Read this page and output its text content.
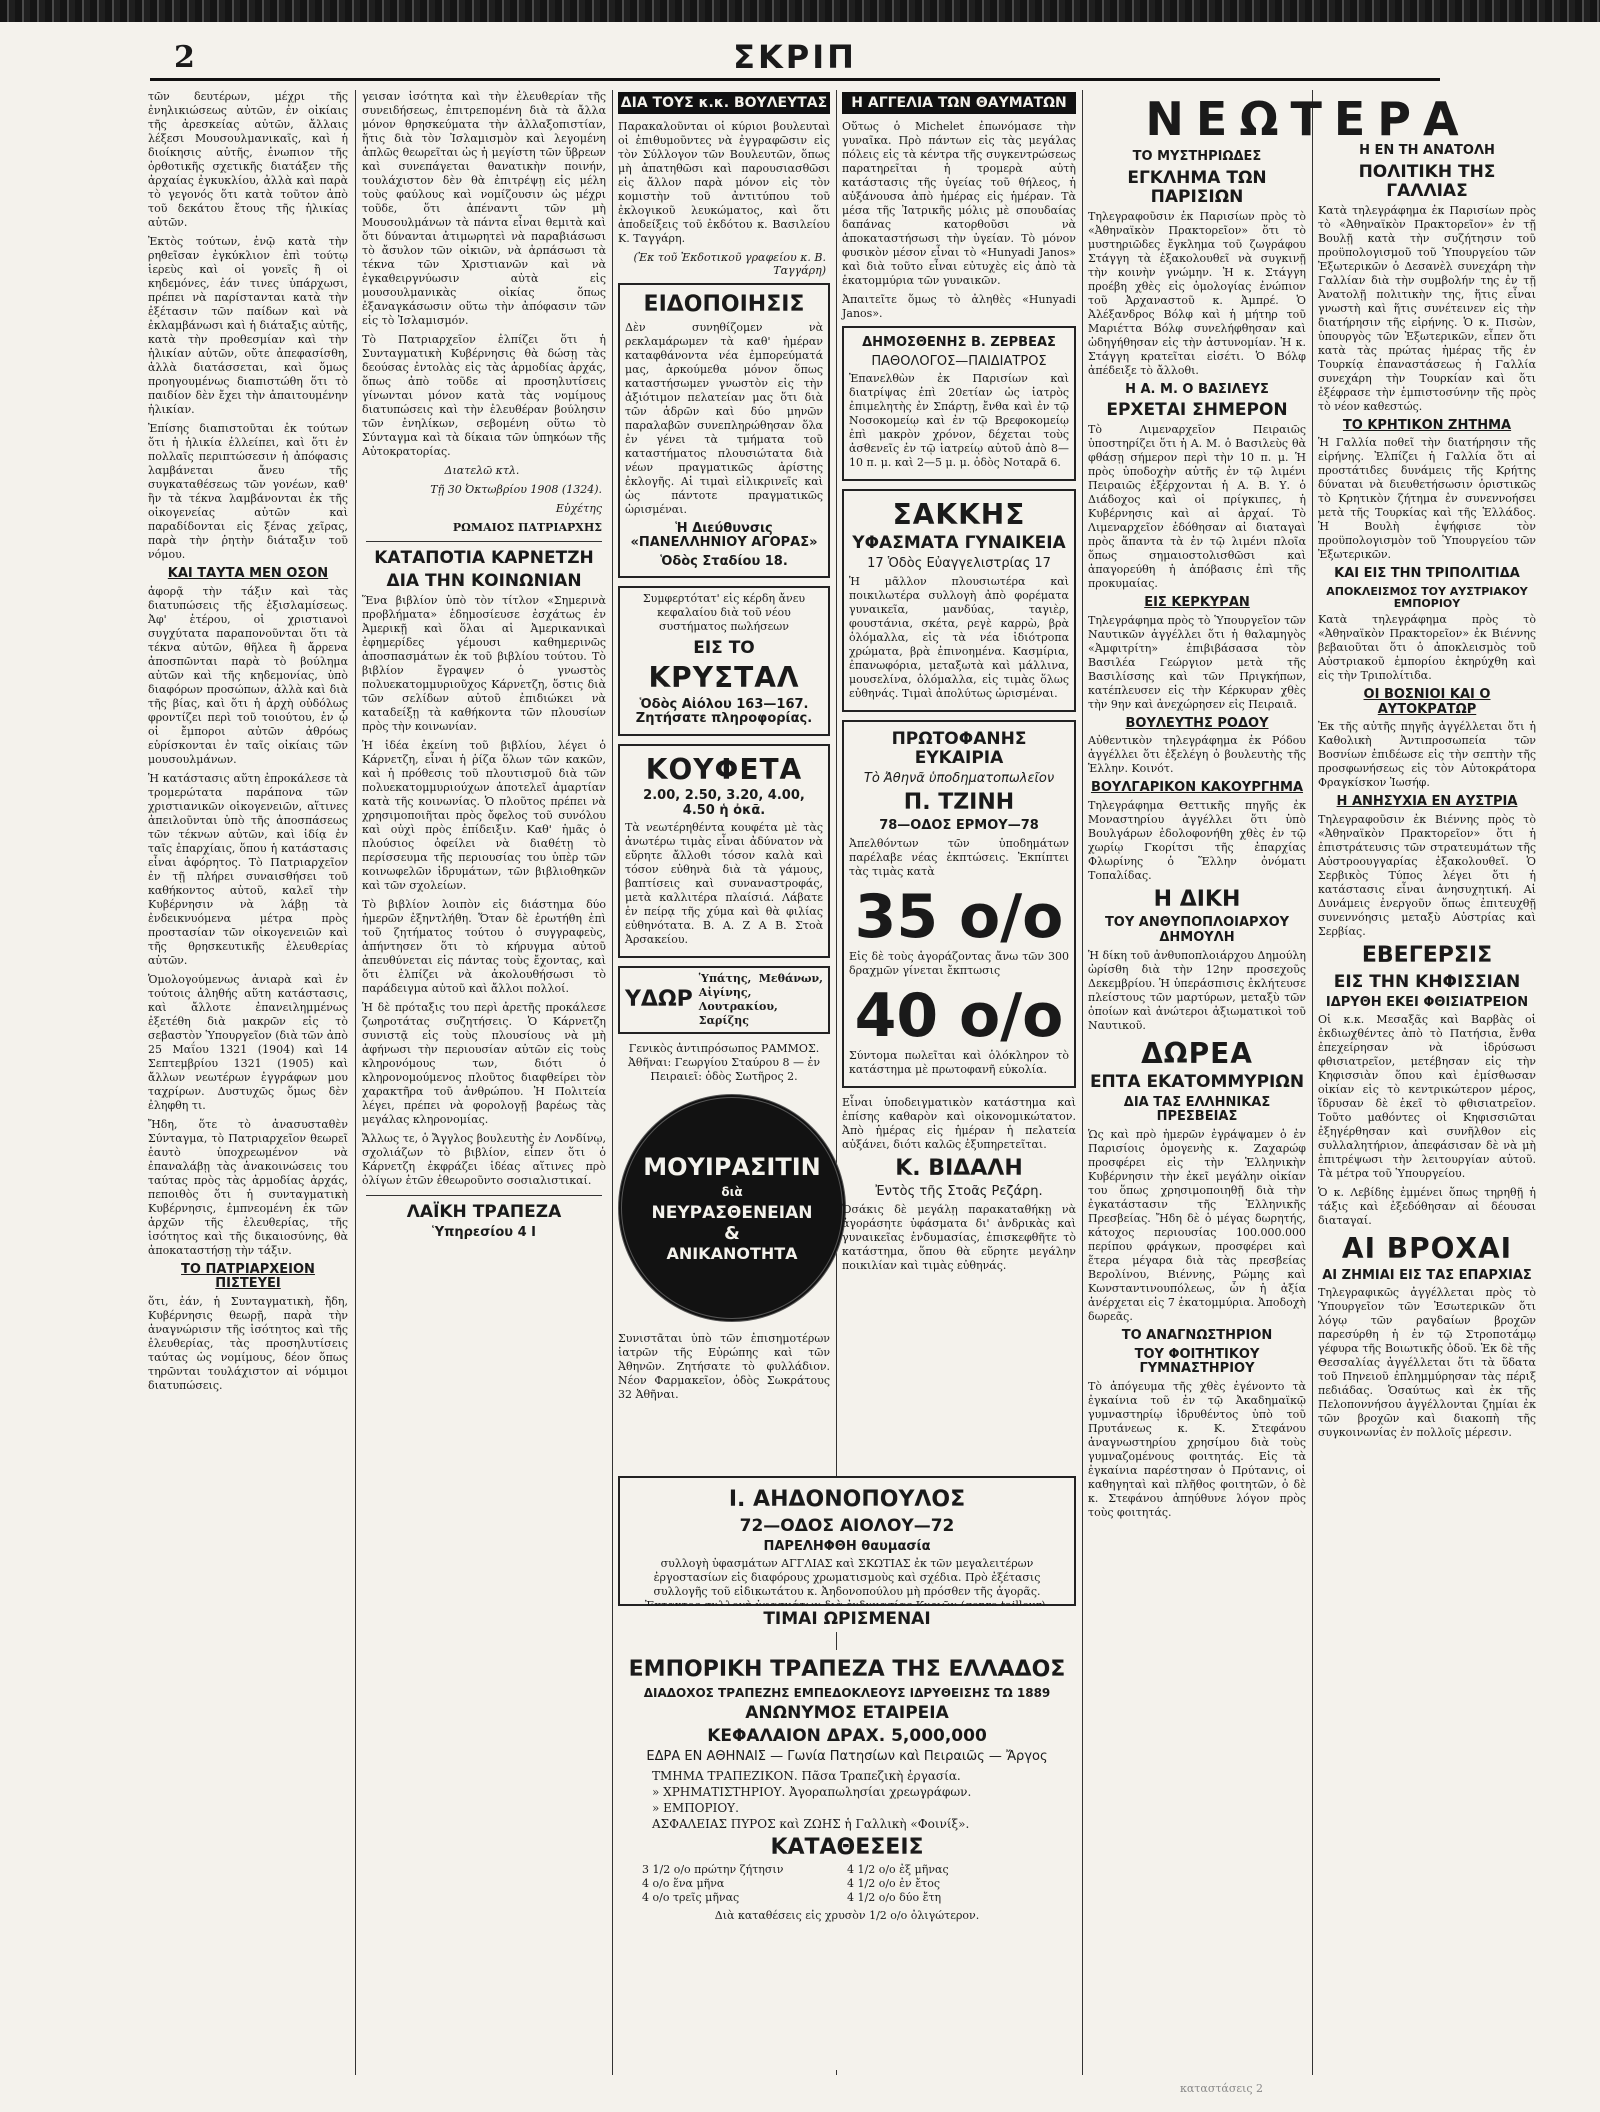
2	ΣΚΡΙΠ

τῶν δευτέρων, μέχρι τῆς ἐνηλικιώσεως αὐτῶν, ἐν οἰκίαις τῆς ἀρεσκείας αὐτῶν, ἄλλαις λέξεσι Μουσουλμανικαῖς, καὶ ἡ διοίκησις αὐτῆς, ἐνωπιον τῆς ὀρθοτικῆς σχετικῆς διατάξεν τῆς ἀρχαίας ἐγκυκλίου, ἀλλὰ καὶ παρὰ τὸ γεγονός ὅτι κατὰ τοῦτον ἀπὸ τοῦ δεκάτου ἔτους τῆς ἡλικίας αὐτῶν.

Ἐκτὸς τούτων, ἐνῷ κατὰ τὴν ρηθεῖσαν ἐγκύκλιον ἐπὶ τούτῳ ἱερεὺς καὶ οἱ γονεῖς ἢ οἱ κηδεμόνες, ἐάν τινες ὑπάρχωσι, πρέπει νὰ παρίστανται κατὰ τὴν ἐξέτασιν τῶν παίδων καὶ νὰ ἐκλαμβάνωσι καὶ ἡ διάταξις αὐτῆς, κατὰ τὴν προθεσμίαν καὶ τὴν ἡλικίαν αὐτῶν, οὔτε ἀπεφασίσθη, ἀλλὰ διατάσσεται, καὶ ὅμως προηγουμένως διαπιστώθη ὅτι τὸ παιδίον δὲν ἔχει τὴν ἀπαιτουμένην ἡλικίαν.

Ἐπίσης διαπιστοῦται ἐκ τούτων ὅτι ἡ ἡλικία ἐλλείπει, καὶ ὅτι ἐν πολλαῖς περιπτώσεσιν ἡ ἀπόφασις λαμβάνεται ἄνευ τῆς συγκαταθέσεως τῶν γονέων, καθ' ἣν τὰ τέκνα λαμβάνονται ἐκ τῆς οἰκογενείας αὐτῶν καὶ παραδίδονται εἰς ξένας χεῖρας, παρὰ τὴν ῥητὴν διάταξιν τοῦ νόμου.

ΚΑΙ ΤΑΥΤΑ ΜΕΝ ΟΣΟΝ

ἀφορᾷ τὴν τάξιν καὶ τὰς διατυπώσεις τῆς ἐξισλαμίσεως. Ἀφ' ἑτέρου, οἱ χριστιανοὶ συγχύτατα παραπονοῦνται ὅτι τὰ τέκνα αὐτῶν, θῆλεα ἢ ἄρρενα ἀποσπῶνται παρὰ τὸ βούλημα αὐτῶν καὶ τῆς κηδεμονίας, ὑπὸ διαφόρων προσώπων, ἀλλὰ καὶ διὰ τῆς βίας, καὶ ὅτι ἡ ἀρχὴ οὐδόλως φροντίζει περὶ τοῦ τοιούτου, ἐν ᾧ οἱ ἔμποροι αὐτῶν ἀθρόως εὑρίσκονται ἐν ταῖς οἰκίαις τῶν μουσουλμάνων.

Ἡ κατάστασις αὕτη ἐπροκάλεσε τὰ τρομερώτατα παράπονα τῶν χριστιανικῶν οἰκογενειῶν, αἵτινες ἀπειλοῦνται ὑπὸ τῆς ἀποσπάσεως τῶν τέκνων αὐτῶν, καὶ ἰδίᾳ ἐν ταῖς ἐπαρχίαις, ὅπου ἡ κατάστασις εἶναι ἀφόρητος. Τὸ Πατριαρχεῖον ἐν τῇ πλήρει συναισθήσει τοῦ καθήκοντος αὐτοῦ, καλεῖ τὴν Κυβέρνησιν νὰ λάβῃ τὰ ἐνδεικνυόμενα μέτρα πρὸς προστασίαν τῶν οἰκογενειῶν καὶ τῆς θρησκευτικῆς ἐλευθερίας αὐτῶν.

Ὁμολογούμενως ἀνιαρὰ καὶ ἐν τούτοις ἀληθής αὕτη κατάστασις, καὶ ἄλλοτε ἐπανειλημμένως ἐξετέθη διὰ μακρῶν εἰς τὸ σεβαστὸν Ὑπουργεῖον (διὰ τῶν ἀπὸ 25 Μαΐου 1321 (1904) καὶ 14 Σεπτεμβρίου 1321 (1905) καὶ ἄλλων νεωτέρων ἐγγράφων μου ταχρίρων. Δυστυχῶς ὅμως δὲν ἐληφθη τι.

Ἤδη, ὅτε τὸ ἀνασυσταθὲν Σύνταγμα, τὸ Πατριαρχεῖον θεωρεῖ ἑαυτὸ ὑποχρεωμένον νὰ ἐπαναλάβῃ τὰς ἀνακοινώσεις του ταύτας πρὸς τὰς ἀρμοδίας ἀρχάς, πεποιθὸς ὅτι ἡ συνταγματικὴ Κυβέρνησις, ἐμπνεομένη ἐκ τῶν ἀρχῶν τῆς ἐλευθερίας, τῆς ἰσότητος καὶ τῆς δικαιοσύνης, θὰ ἀποκαταστήσῃ τὴν τάξιν.

ΤΟ ΠΑΤΡΙΑΡΧΕΙΟΝ ΠΙΣΤΕΥΕΙ

ὅτι, ἐάν, ἡ Συνταγματικὴ, ἤδη, Κυβέρνησις θεωρῇ, παρὰ τὴν ἀναγνώρισιν τῆς ἰσότητος καὶ τῆς ἐλευθερίας, τὰς προσηλυτίσεις ταύτας ὡς νομίμους, δέον ὅπως τηρῶνται τουλάχιστον αἱ νόμιμοι διατυπώσεις.

γεισαν ἰσότητα καὶ τὴν ἐλευθερίαν τῆς συνειδήσεως, ἐπιτρεπομένη διὰ τὰ ἄλλα μόνον θρησκεύματα τὴν ἀλλαξοπιστίαν, ἥτις διὰ τὸν Ἰσλαμισμὸν καὶ λεγομένη ἁπλῶς θεωρεῖται ὡς ἡ μεγίστη τῶν ὕβρεων καὶ συνεπάγεται θανατικὴν ποινήν, τουλάχιστον δὲν θὰ ἐπιτρέψῃ εἰς μέλη τοὺς φαύλους καὶ νομίζουσιν ὡς μέχρι τοῦδε, ὅτι ἀπέναντι τῶν μὴ Μουσουλμάνων τὰ πάντα εἶναι θεμιτὰ καὶ ὅτι δύνανται ἀτιμωρητεὶ νὰ παραβιάσωσι τὸ ἄσυλον τῶν οἰκιῶν, νὰ ἁρπάσωσι τὰ τέκνα τῶν Χριστιανῶν καὶ νὰ ἐγκαθειργνύωσιν αὐτὰ εἰς μουσουλμανικὰς οἰκίας ὅπως ἐξαναγκάσωσιν οὕτω τὴν ἀπόφασιν τῶν εἰς τὸ Ἰσλαμισμόν.

Τὸ Πατριαρχεῖον ἐλπίζει ὅτι ἡ Συνταγματικὴ Κυβέρνησις θὰ δώσῃ τὰς δεούσας ἐντολὰς εἰς τὰς ἀρμοδίας ἀρχάς, ὅπως ἀπὸ τοῦδε αἱ προσηλυτίσεις γίνωνται μόνον κατὰ τὰς νομίμους διατυπώσεις καὶ τὴν ἐλευθέραν βούλησιν τῶν ἐνηλίκων, σεβομένη οὕτω τὸ Σύνταγμα καὶ τὰ δίκαια τῶν ὑπηκόων τῆς Αὐτοκρατορίας.

Διατελῶ κτλ.
Τῇ 30 Ὀκτωβρίου 1908 (1324).
Εὐχέτης
ΡΩΜΑΙΟΣ ΠΑΤΡΙΑΡΧΗΣ
ΚΑΤΑΠΟΤΙΑ ΚΑΡΝΕΤΖΗ
ΔΙΑ ΤΗΝ ΚΟΙΝΩΝΙΑΝ

Ἕνα βιβλίον ὑπὸ τὸν τίτλον «Σημερινὰ προβλήματα» ἐδημοσίευσε ἐσχάτως ἐν Ἀμερικῇ καὶ ὅλαι αἱ Ἀμερικανικαὶ ἐφημερίδες γέμουσι καθημερινῶς ἀποσπασμάτων ἐκ τοῦ βιβλίου τούτου. Τὸ βιβλίον ἔγραψεν ὁ γνωστὸς πολυεκατομμυριοῦχος Κάρνετζη, ὅστις διὰ τῶν σελίδων αὐτοῦ ἐπιδιώκει νὰ καταδείξῃ τὰ καθήκοντα τῶν πλουσίων πρὸς τὴν κοινωνίαν.

Ἡ ἰδέα ἐκείνη τοῦ βιβλίου, λέγει ὁ Κάρνετζη, εἶναι ἡ ῥίζα ὅλων τῶν κακῶν, καὶ ἡ πρόθεσις τοῦ πλουτισμοῦ διὰ τῶν πολυεκατομμυριούχων ἀποτελεῖ ἁμαρτίαν κατὰ τῆς κοινωνίας. Ὁ πλοῦτος πρέπει νὰ χρησιμοποιῆται πρὸς ὄφελος τοῦ συνόλου καὶ οὐχὶ πρὸς ἐπίδειξιν. Καθ' ἡμᾶς ὁ πλούσιος ὀφείλει νὰ διαθέτῃ τὸ περίσσευμα τῆς περιουσίας του ὑπὲρ τῶν κοινωφελῶν ἱδρυμάτων, τῶν βιβλιοθηκῶν καὶ τῶν σχολείων.

Τὸ βιβλίον λοιπὸν εἰς διάστημα δύο ἡμερῶν ἐξηντλήθη. Ὅταν δὲ ἐρωτήθη ἐπὶ τοῦ ζητήματος τούτου ὁ συγγραφεὺς, ἀπήντησεν ὅτι τὸ κήρυγμα αὐτοῦ ἀπευθύνεται εἰς πάντας τοὺς ἔχοντας, καὶ ὅτι ἐλπίζει νὰ ἀκολουθήσωσι τὸ παράδειγμα αὐτοῦ καὶ ἄλλοι πολλοί.

Ἡ δὲ πρόταξις του περὶ ἀρετῆς προκάλεσε ζωηροτάτας συζητήσεις. Ὁ Κάρνετζη συνιστᾷ εἰς τοὺς πλουσίους νὰ μὴ ἀφήνωσι τὴν περιουσίαν αὐτῶν εἰς τοὺς κληρονόμους των, διότι ὁ κληρονομούμενος πλοῦτος διαφθείρει τὸν χαρακτῆρα τοῦ ἀνθρώπου. Ἡ Πολιτεία λέγει, πρέπει νὰ φορολογῇ βαρέως τὰς μεγάλας κληρονομίας.

Ἄλλως τε, ὁ Ἄγγλος βουλευτὴς ἐν Λονδίνῳ, σχολιάζων τὸ βιβλίον, εἶπεν ὅτι ὁ Κάρνετζη ἐκφράζει ἰδέας αἵτινες πρὸ ὀλίγων ἐτῶν ἐθεωροῦντο σοσιαλιστικαί.

ΛΑΪΚΗ ΤΡΑΠΕΖΑ
Ὑπηρεσίου 4 Ι
ΔΙΑ ΤΟΥΣ κ.κ. ΒΟΥΛΕΥΤΑΣ

Παρακαλοῦνται οἱ κύριοι βουλευταὶ οἱ ἐπιθυμοῦντες νὰ ἐγγραφῶσιν εἰς τὸν Σύλλογον τῶν Βουλευτῶν, ὅπως μὴ ἀπατηθῶσι καὶ παρουσιασθῶσι εἰς ἄλλον παρὰ μόνον εἰς τὸν κομιστὴν τοῦ ἀντιτύπου τοῦ ἐκλογικοῦ λευκώματος, καὶ ὅτι ἀποδείξεις τοῦ ἐκδότου κ. Βασιλείου Κ. Ταγγάρη.

(Ἐκ τοῦ Ἐκδοτικοῦ γραφείου κ. Β. Ταγγάρη)
ΕΙΔΟΠΟΙΗΣΙΣ

Δὲν συνηθίζομεν νὰ ρεκλαμάρωμεν τὰ καθ' ἡμέραν καταφθάνοντα νέα ἐμπορεύματά μας, ἀρκούμεθα μόνον ὅπως καταστήσωμεν γνωστὸν εἰς τὴν ἀξιότιμον πελατείαν μας ὅτι διὰ τῶν ἁδρῶν καὶ δύο μηνῶν παραλαβῶν συνεπληρώθησαν ὅλα ἐν γένει τὰ τμήματα τοῦ καταστήματος πλουσιώτατα διὰ νέων πραγματικῶς ἀρίστης ἐκλογῆς. Αἱ τιμαὶ εἰλικρινεῖς καὶ ὡς πάντοτε πραγματικῶς ὡρισμέναι.

Ἡ Διεύθυνσις «ΠΑΝΕΛΛΗΝΙΟΥ ΑΓΟΡΑΣ»
Ὁδὸς Σταδίου 18.

Συμφερτότατ' εἰς κέρδη ἄνευ κεφαλαίου διὰ τοῦ νέου συστήματος πωλήσεων

ΕΙΣ ΤΟ
ΚΡΥΣΤΑΛ
Ὁδὸς Αἰόλου 163—167. Ζητήσατε πληροφορίας.
ΚΟΥΦΕΤΑ
2.00, 2.50, 3.20, 4.00, 4.50 ἡ ὀκᾶ.

Τὰ νεωτέρηθέντα κουφέτα μὲ τὰς ἀνωτέρω τιμὰς εἶναι ἀδύνατον νὰ εὕρητε ἄλλοθι τόσον καλὰ καὶ τόσον εὐθηνὰ διὰ τὰ γάμους, βαπτίσεις καὶ συναναστροφάς, μετὰ καλλιτέρα πλαίσιά. Λάβατε ἐν πείρᾳ τῆς χύμα καὶ θὰ φιλίας εὐθηνότατα. Β. Α. Ζ Α Β. Στοὰ Ἀρσακείου.

ΥΔΩΡ
Ὑπάτης, Μεθάνων, Αἰγίνης, Λουτρακίου, Σαρίζης

Γενικὸς ἀντιπρόσωπος ΡΑΜΜΟΣ. Ἀθῆναι: Γεωργίου Σταύρου 8 — ἐν Πειραιεῖ: ὁδὸς Σωτῆρος 2.

ΜΟΥΙΡΑΣΙΤΙΝ
διὰ
ΝΕΥΡΑΣΘΕΝΕΙΑΝ
&
ΑΝΙΚΑΝΟΤΗΤΑ

Συνιστᾶται ὑπὸ τῶν ἐπισημοτέρων ἰατρῶν τῆς Εὐρώπης καὶ τῶν Ἀθηνῶν. Ζητήσατε τὸ φυλλάδιον. Νέον Φαρμακεῖον, ὁδὸς Σωκράτους 32 Ἀθῆναι.

Η ΑΓΓΕΛΙΑ ΤΩΝ ΘΑΥΜΑΤΩΝ

Οὕτως ὁ Michelet ἐπωνόμασε τὴν γυναῖκα. Πρὸ πάντων εἰς τὰς μεγάλας πόλεις εἰς τὰ κέντρα τῆς συγκεντρώσεως παρατηρεῖται ἡ τρομερὰ αὐτὴ κατάστασις τῆς ὑγείας τοῦ θήλεος, ἡ αὐξάνουσα ἀπὸ ἡμέρας εἰς ἡμέραν. Τὰ μέσα τῆς Ἰατρικῆς μόλις μὲ σπουδαίας δαπάνας κατορθοῦσι νὰ ἀποκαταστήσωσι τὴν ὑγείαν. Τὸ μόνον φυσικὸν μέσον εἶναι τὸ «Hunyadi Janos» καὶ διὰ τοῦτο εἶναι εὐτυχὲς εἰς ἀπὸ τὰ ἑκατομμύρια τῶν γυναικῶν.

Ἀπαιτεῖτε ὅμως τὸ ἀληθὲς «Hunyadi Janos».

ΔΗΜΟΣΘΕΝΗΣ Β. ΖΕΡΒΕΑΣ
ΠΑΘΟΛΟΓΟΣ—ΠΑΙΔΙΑΤΡΟΣ

Ἐπανελθὼν ἐκ Παρισίων καὶ διατρίψας ἐπὶ 20ετίαν ὡς ἰατρὸς ἐπιμελητὴς ἐν Σπάρτῃ, ἔνθα καὶ ἐν τῷ Νοσοκομείῳ καὶ ἐν τῷ Βρεφοκομείῳ ἐπὶ μακρὸν χρόνον, δέχεται τοὺς ἀσθενεῖς ἐν τῷ ἰατρείῳ αὐτοῦ ἀπὸ 8—10 π. μ. καὶ 2—5 μ. μ. ὁδὸς Νοταρᾶ 6.

ΣΑΚΚΗΣ
ΥΦΑΣΜΑΤΑ ΓΥΝΑΙΚΕΙΑ
17 Ὁδὸς Εὐαγγελιστρίας 17

Ἡ μᾶλλον πλουσιωτέρα καὶ ποικιλωτέρα συλλογὴ ἀπὸ φορέματα γυναικεῖα, μανδύας, ταγιὲρ, φουστάνια, σκέτα, ρεγὲ καρρὼ, βρὰ ὁλόμαλλα, εἰς τὰ νέα ἰδιότροπα χρώματα, βρὰ ἐπινοημένα. Κασμίρια, ἐπανωφόρια, μεταξωτὰ καὶ μάλλινα, μουσελίνα, ὁλόμαλλα, εἰς τιμὰς ὅλως εὐθηνάς. Τιμαὶ ἀπολύτως ὡρισμέναι.

ΠΡΩΤΟΦΑΝΗΣ ΕΥΚΑΙΡΙΑ
Τὸ Ἀθηνᾶ ὑποδηματοπωλεῖον
Π. ΤΖΙΝΗ
78—ΟΔΟΣ ΕΡΜΟΥ—78

Ἀπελθόντων τῶν ὑποδημάτων παρέλαβε νέας ἐκπτώσεις. Ἐκπίπτει τὰς τιμὰς κατὰ

35 ο/ο

Εἰς δὲ τοὺς ἀγοράζοντας ἄνω τῶν 300 δραχμῶν γίνεται ἔκπτωσις

40 ο/ο

Σύντομα πωλεῖται καὶ ὁλόκληρον τὸ κατάστημα μὲ πρωτοφανῆ εὐκολία.

Εἶναι ὑποδειγματικὸν κατάστημα καὶ ἐπίσης καθαρὸν καὶ οἰκονομικώτατον. Ἀπὸ ἡμέρας εἰς ἡμέραν ἡ πελατεία αὐξάνει, διότι καλῶς ἐξυπηρετεῖται.

Κ. ΒΙΔΑΛΗ
Ἐντὸς τῆς Στοᾶς Ρεζάρη.

Ὁσάκις δὲ μεγάλῃ παρακαταθήκῃ νὰ ἀγοράσητε ὑφάσματα δι' ἀνδρικὰς καὶ γυναικεῖας ἐνδυμασίας, ἐπισκεφθῆτε τὸ κατάστημα, ὅπου θὰ εὕρητε μεγάλην ποικιλίαν καὶ τιμὰς εὐθηνάς.

ΝΕΩΤΕΡΑ
ΤΟ ΜΥΣΤΗΡΙΩΔΕΣ
ΕΓΚΛΗΜΑ ΤΩΝ ΠΑΡΙΣΙΩΝ

Τηλεγραφοῦσιν ἐκ Παρισίων πρὸς τὸ «Ἀθηναϊκὸν Πρακτορεῖον» ὅτι τὸ μυστηριῶδες ἔγκλημα τοῦ ζωγράφου Στάγγη τὰ ἐξακολουθεῖ νὰ συγκινῇ τὴν κοινὴν γνώμην. Ἡ κ. Στάγγη προέβη χθὲς εἰς ὁμολογίας ἐνώπιον τοῦ Ἀρχαναστοῦ κ. Ἀμπρέ. Ὁ Ἀλέξανδρος Βόλφ καὶ ἡ μήτηρ τοῦ Μαριέττα Βόλφ συνελήφθησαν καὶ ὡδηγήθησαν εἰς τὴν ἀστυνομίαν. Ἡ κ. Στάγγη κρατεῖται εἰσέτι. Ὁ Βόλφ ἀπέδειξε τὸ ἄλλοθι.

Η Α. Μ. Ο ΒΑΣΙΛΕΥΣ
ΕΡΧΕΤΑΙ ΣΗΜΕΡΟΝ

Τὸ Λιμεναρχεῖον Πειραιῶς ὑποστηρίζει ὅτι ἡ Α. Μ. ὁ Βασιλεὺς θὰ φθάσῃ σήμερον περὶ τὴν 10 π. μ. Ἡ πρὸς ὑποδοχὴν αὐτῆς ἐν τῷ λιμένι Πειραιῶς ἐξέρχονται ἡ Α. Β. Υ. ὁ Διάδοχος καὶ οἱ πρίγκιπες, ἡ Κυβέρνησις καὶ αἱ ἀρχαί. Τὸ Λιμεναρχεῖον ἐδόθησαν αἱ διαταγαὶ πρὸς ἅπαντα τὰ ἐν τῷ λιμένι πλοῖα ὅπως σημαιοστολισθῶσι καὶ ἀπαγορεύθη ἡ ἀπόβασις ἐπὶ τῆς προκυμαίας.

ΕΙΣ ΚΕΡΚΥΡΑΝ

Τηλεγράφημα πρὸς τὸ Ὑπουργεῖον τῶν Ναυτικῶν ἀγγέλλει ὅτι ἡ θαλαμηγὸς «Ἀμφιτρίτη» ἐπιβιβάσασα τὸν Βασιλέα Γεώργιον μετὰ τῆς Βασιλίσσης καὶ τῶν Πριγκήπων, κατέπλευσεν εἰς τὴν Κέρκυραν χθὲς τὴν 9ην καὶ ἀνεχώρησεν εἰς Πειραιᾶ.

ΒΟΥΛΕΥΤΗΣ ΡΟΔΟΥ

Αὐθεντικὸν τηλεγράφημα ἐκ Ρόδου ἀγγέλλει ὅτι ἐξελέγη ὁ βουλευτὴς τῆς Ἑλλην. Κοινότ.

ΒΟΥΛΓΑΡΙΚΟΝ ΚΑΚΟΥΡΓΗΜΑ

Τηλεγράφημα Θεττικῆς πηγῆς ἐκ Μοναστηρίου ἀγγέλλει ὅτι ὑπὸ Βουλγάρων ἐδολοφονήθη χθὲς ἐν τῷ χωρίῳ Γκορίτσι τῆς ἐπαρχίας Φλωρίνης ὁ Ἕλλην ὀνόματι Τοπαλίδας.

Η ΔΙΚΗ
ΤΟΥ ΑΝΘΥΠΟΠΛΟΙΑΡΧΟΥ ΔΗΜΟΥΛΗ

Ἡ δίκη τοῦ ἀνθυποπλοιάρχου Δημούλη ὡρίσθη διὰ τὴν 12ην προσεχοῦς Δεκεμβρίου. Ἡ ὑπεράσπισις ἐκλήτευσε πλείστους τῶν μαρτύρων, μεταξὺ τῶν ὁποίων καὶ ἀνώτεροι ἀξιωματικοὶ τοῦ Ναυτικοῦ.

ΔΩΡΕΑ
ΕΠΤΑ ΕΚΑΤΟΜΜΥΡΙΩΝ
ΔΙΑ ΤΑΣ ΕΛΛΗΝΙΚΑΣ ΠΡΕΣΒΕΙΑΣ

Ὡς καὶ πρὸ ἡμερῶν ἐγράψαμεν ὁ ἐν Παρισίοις ὁμογενὴς κ. Ζαχαρώφ προσφέρει εἰς τὴν Ἑλληνικὴν Κυβέρνησιν τὴν ἐκεῖ μεγάλην οἰκίαν του ὅπως χρησιμοποιηθῇ διὰ τὴν ἐγκατάστασιν τῆς Ἑλληνικῆς Πρεσβείας. Ἤδη δὲ ὁ μέγας δωρητής, κάτοχος περιουσίας 100.000.000 περίπου φράγκων, προσφέρει καὶ ἕτερα μέγαρα διὰ τὰς πρεσβείας Βερολίνου, Βιέννης, Ρώμης καὶ Κωνσταντινουπόλεως, ὧν ἡ ἀξία ἀνέρχεται εἰς 7 ἑκατομμύρια. Ἀποδοχὴ δωρεᾶς.

ΤΟ ΑΝΑΓΝΩΣΤΗΡΙΟΝ
ΤΟΥ ΦΟΙΤΗΤΙΚΟΥ ΓΥΜΝΑΣΤΗΡΙΟΥ

Τὸ ἀπόγευμα τῆς χθὲς ἐγένοντο τὰ ἐγκαίνια τοῦ ἐν τῷ Ἀκαδημαϊκῷ γυμναστηρίῳ ἱδρυθέντος ὑπὸ τοῦ Πρυτάνεως κ. Κ. Στεφάνου ἀναγνωστηρίου χρησίμου διὰ τοὺς γυμναζομένους φοιτητάς. Εἰς τὰ ἐγκαίνια παρέστησαν ὁ Πρύτανις, οἱ καθηγηταὶ καὶ πλῆθος φοιτητῶν, ὁ δὲ κ. Στεφάνου ἀπηύθυνε λόγον πρὸς τοὺς φοιτητάς.

Η ΕΝ ΤΗ ΑΝΑΤΟΛΗ
ΠΟΛΙΤΙΚΗ ΤΗΣ ΓΑΛΛΙΑΣ

Κατὰ τηλεγράφημα ἐκ Παρισίων πρὸς τὸ «Ἀθηναϊκὸν Πρακτορεῖον» ἐν τῇ Βουλῇ κατὰ τὴν συζήτησιν τοῦ προϋπολογισμοῦ τοῦ Ὑπουργείου τῶν Ἐξωτερικῶν ὁ Δεσανὲλ συνεχάρη τὴν Γαλλίαν διὰ τὴν συμβολήν της ἐν τῇ Ἀνατολῇ πολιτικὴν της, ἥτις εἶναι γνωστὴ καὶ ἥτις συνέτεινεν εἰς τὴν διατήρησιν τῆς εἰρήνης. Ὁ κ. Πισὼν, ὑπουργὸς τῶν Ἐξωτερικῶν, εἶπεν ὅτι κατὰ τὰς πρώτας ἡμέρας τῆς ἐν Τουρκίᾳ ἐπαναστάσεως ἡ Γαλλία συνεχάρη τὴν Τουρκίαν καὶ ὅτι ἐξέφρασε τὴν ἐμπιστοσύνην τῆς πρὸς τὸ νέον καθεστώς.

ΤΟ ΚΡΗΤΙΚΟΝ ΖΗΤΗΜΑ

Ἡ Γαλλία ποθεῖ τὴν διατήρησιν τῆς εἰρήνης. Ἐλπίζει ἡ Γαλλία ὅτι αἱ προστάτιδες δυνάμεις τῆς Κρήτης δύναται νὰ διευθετήσωσιν ὁριστικῶς τὸ Κρητικὸν ζήτημα ἐν συνεννοήσει μετὰ τῆς Τουρκίας καὶ τῆς Ἑλλάδος. Ἡ Βουλὴ ἐψήφισε τὸν προϋπολογισμὸν τοῦ Ὑπουργείου τῶν Ἐξωτερικῶν.

ΚΑΙ ΕΙΣ ΤΗΝ ΤΡΙΠΟΛΙΤΙΔΑ
ΑΠΟΚΛΕΙΣΜΟΣ ΤΟΥ ΑΥΣΤΡΙΑΚΟΥ ΕΜΠΟΡΙΟΥ

Κατὰ τηλεγράφημα πρὸς τὸ «Ἀθηναϊκὸν Πρακτορεῖον» ἐκ Βιέννης βεβαιοῦται ὅτι ὁ ἀποκλεισμὸς τοῦ Αὐστριακοῦ ἐμπορίου ἐκηρύχθη καὶ εἰς τὴν Τριπολίτιδα.

ΟΙ ΒΟΣΝΙΟΙ ΚΑΙ Ο ΑΥΤΟΚΡΑΤΩΡ

Ἐκ τῆς αὐτῆς πηγῆς ἀγγέλλεται ὅτι ἡ Καθολικὴ Ἀντιπροσωπεία τῶν Βοσνίων ἐπιδέωσε εἰς τὴν σεπτὴν τῆς προσφωνήσεως εἰς τὸν Αὐτοκράτορα Φραγκίσκον Ἰωσήφ.

Η ΑΝΗΣΥΧΙΑ ΕΝ ΑΥΣΤΡΙΑ

Τηλεγραφοῦσιν ἐκ Βιέννης πρὸς τὸ «Ἀθηναϊκὸν Πρακτορεῖον» ὅτι ἡ ἐπιστράτευσις τῶν στρατευμάτων τῆς Αὐστροουγγαρίας ἐξακολουθεῖ. Ὁ Σερβικὸς Τύπος λέγει ὅτι ἡ κατάστασις εἶναι ἀνησυχητική. Αἱ Δυνάμεις ἐνεργοῦν ὅπως ἐπιτευχθῇ συνεννόησις μεταξὺ Αὐστρίας καὶ Σερβίας.

ΕΒΕΓΕΡΣΙΣ
ΕΙΣ ΤΗΝ ΚΗΦΙΣΣΙΑΝ
ΙΔΡΥΘΗ ΕΚΕΙ ΦΘΙΣΙΑΤΡΕΙΟΝ

Οἱ κ.κ. Μεσαξᾶς καὶ Βαρβὰς οἱ ἐκδιωχθέντες ἀπὸ τὸ Πατήσια, ἔνθα ἐπεχείρησαν νὰ ἱδρύσωσι φθισιατρεῖον, μετέβησαν εἰς τὴν Κηφισσιὰν ὅπου καὶ ἐμίσθωσαν οἰκίαν εἰς τὸ κεντρικώτερον μέρος, ἵδρυσαν δὲ ἐκεῖ τὸ φθισιατρεῖον. Τοῦτο μαθόντες οἱ Κηφισσιῶται ἐξηγέρθησαν καὶ συνῆλθον εἰς συλλαλητήριον, ἀπεφάσισαν δὲ νὰ μὴ ἐπιτρέψωσι τὴν λειτουργίαν αὐτοῦ. Τὰ μέτρα τοῦ Ὑπουργείου.

Ὁ κ. Λεβίδης ἐμμένει ὅπως τηρηθῇ ἡ τάξις καὶ ἐξεδόθησαν αἱ δέουσαι διαταγαί.

ΑΙ ΒΡΟΧΑΙ
ΑΙ ΖΗΜΙΑΙ ΕΙΣ ΤΑΣ ΕΠΑΡΧΙΑΣ

Τηλεγραφικῶς ἀγγέλλεται πρὸς τὸ Ὑπουργεῖον τῶν Ἐσωτερικῶν ὅτι λόγῳ τῶν ραγδαίων βροχῶν παρεσύρθη ἡ ἐν τῷ Στροποτάμῳ γέφυρα τῆς Βοιωτικῆς ὁδοῦ. Ἐκ δὲ τῆς Θεσσαλίας ἀγγέλλεται ὅτι τὰ ὕδατα τοῦ Πηνειοῦ ἐπλημμύρησαν τὰς πέριξ πεδιάδας. Ὁσαύτως καὶ ἐκ τῆς Πελοποννήσου ἀγγέλλονται ζημίαι ἐκ τῶν βροχῶν καὶ διακοπὴ τῆς συγκοινωνίας ἐν πολλοῖς μέρεσιν.

Ι. ΑΗΔΟΝΟΠΟΥΛΟΣ
72—ΟΔΟΣ ΑΙΟΛΟΥ—72
ΠΑΡΕΛΗΦΘΗ θαυμασία

συλλογὴ ὑφασμάτων ΑΓΓΛΙΑΣ καὶ ΣΚΩΤΙΑΣ ἐκ τῶν μεγαλειτέρων ἐργοστασίων εἰς διαφόρους χρωματισμοὺς καὶ σχέδια. Πρὸ ἐξέτασις συλλογῆς τοῦ εἰδικωτάτου κ. Ἀηδονοπούλου μὴ πρόσθεν τῆς ἀγορᾶς.

ΤΙΜΑΙ ΩΡΙΣΜΕΝΑΙ
ΕΜΠΟΡΙΚΗ ΤΡΑΠΕΖΑ ΤΗΣ ΕΛΛΑΔΟΣ
ΔΙΑΔΟΧΟΣ ΤΡΑΠΕΖΗΣ ΕΜΠΕΔΟΚΛΕΟΥΣ ΙΔΡΥΘΕΙΣΗΣ ΤΩ 1889
ΑΝΩΝΥΜΟΣ ΕΤΑΙΡΕΙΑ
ΚΕΦΑΛΑΙΟΝ ΔΡΑΧ. 5,000,000
ΕΔΡΑ ΕΝ ΑΘΗΝΑΙΣ — Γωνία Πατησίων καὶ Πειραιῶς — Ἄργος
ΤΜΗΜΑ ΤΡΑΠΕΖΙΚΟΝ. Πᾶσα Τραπεζικὴ ἐργασία.
» ΧΡΗΜΑΤΙΣΤΗΡΙΟΥ. Ἀγοραπωλησίαι χρεωγράφων.
» ΕΜΠΟΡΙΟΥ.
ΑΣΦΑΛΕΙΑΣ ΠΥΡΟΣ καὶ ΖΩΗΣ ἡ Γαλλικὴ «Φοινίξ».
ΚΑΤΑΘΕΣΕΙΣ
3 1/2 ο/ο πρώτην ζήτησιν	4 1/2 ο/ο ἐξ μῆνας
4 ο/ο ἕνα μῆνα	4 1/2 ο/ο ἐν ἔτος
4 ο/ο τρεῖς μῆνας	4 1/2 ο/ο δύο ἔτη
Διὰ καταθέσεις εἰς χρυσὸν 1/2 ο/ο ὀλιγώτερον.
καταστάσεις 2
